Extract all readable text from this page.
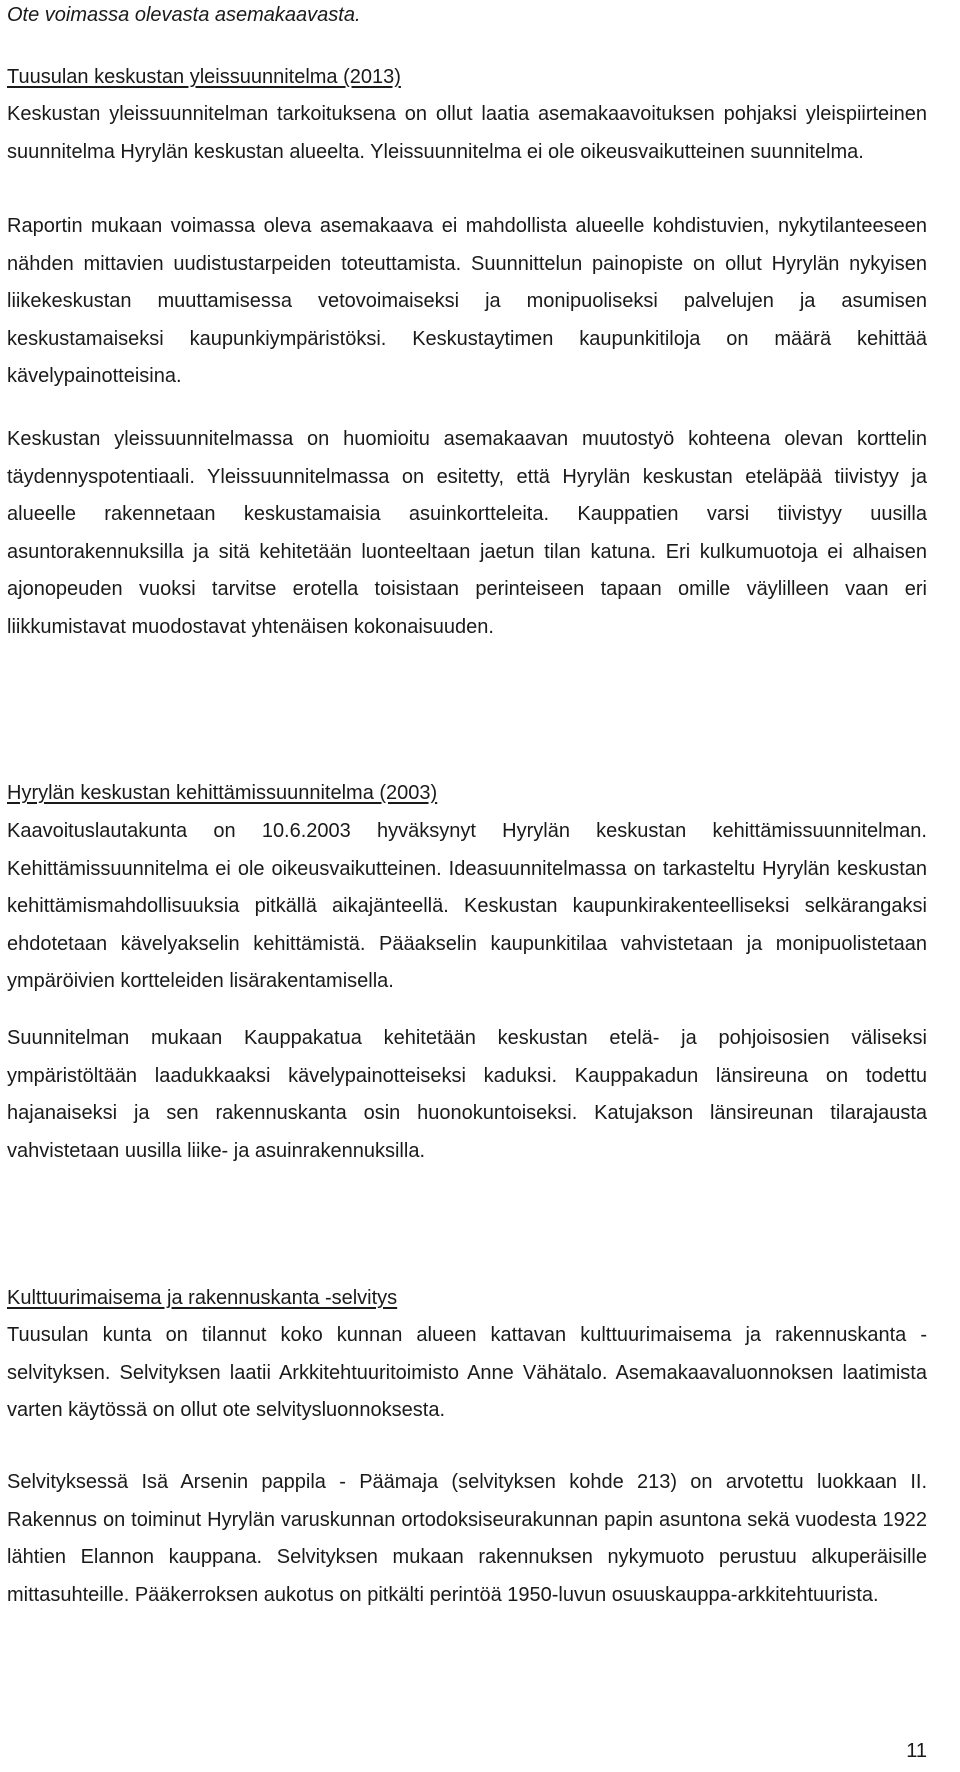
Ote voimassa olevasta asemakaavasta.
Tuusulan keskustan yleissuunnitelma (2013)

Keskustan yleissuunnitelman tarkoituksena on ollut laatia asemakaavoituksen pohjaksi yleispiirteinen suunnitelma Hyrylän keskustan alueelta. Yleissuunnitelma ei ole oikeusvaikutteinen suunnitelma.

Raportin mukaan voimassa oleva asemakaava ei mahdollista alueelle kohdistuvien, nykytilanteeseen nähden mittavien uudistustarpeiden toteuttamista. Suunnittelun painopiste on ollut Hyrylän nykyisen liikekeskustan muuttamisessa vetovoimaiseksi ja monipuoliseksi palvelujen ja asumisen keskustamaiseksi kaupunkiympäristöksi. Keskustaytimen kaupunkitiloja on määrä kehittää kävelypainotteisina.

Keskustan yleissuunnitelmassa on huomioitu asemakaavan muutostyö kohteena olevan korttelin täydennyspotentiaali. Yleissuunnitelmassa on esitetty, että Hyrylän keskustan eteläpää tiivistyy ja alueelle rakennetaan keskustamaisia asuinkortteleita. Kauppatien varsi tiivistyy uusilla asuntorakennuksilla ja sitä kehitetään luonteeltaan jaetun tilan katuna. Eri kulkumuotoja ei alhaisen ajonopeuden vuoksi tarvitse erotella toisistaan perinteiseen tapaan omille väylilleen vaan eri liikkumistavat muodostavat yhtenäisen kokonaisuuden.

Hyrylän keskustan kehittämissuunnitelma (2003)

Kaavoituslautakunta on 10.6.2003 hyväksynyt Hyrylän keskustan kehittämissuunnitelman. Kehittämissuunnitelma ei ole oikeusvaikutteinen. Ideasuunnitelmassa on tarkasteltu Hyrylän keskustan kehittämismahdollisuuksia pitkällä aikajänteellä. Keskustan kaupunkirakenteelliseksi selkärangaksi ehdotetaan kävelyakselin kehittämistä. Pääakselin kaupunkitilaa vahvistetaan ja monipuolistetaan ympäröivien kortteleiden lisärakentamisella.

Suunnitelman mukaan Kauppakatua kehitetään keskustan etelä- ja pohjoisosien väliseksi ympäristöltään laadukkaaksi kävelypainotteiseksi kaduksi. Kauppakadun länsireuna on todettu hajanaiseksi ja sen rakennuskanta osin huonokuntoiseksi. Katujakson länsireunan tilarajausta vahvistetaan uusilla liike- ja asuinrakennuksilla.

Kulttuurimaisema ja rakennuskanta -selvitys

Tuusulan kunta on tilannut koko kunnan alueen kattavan kulttuurimaisema ja rakennuskanta -selvityksen. Selvityksen laatii Arkkitehtuuritoimisto Anne Vähätalo. Asemakaavaluonnoksen laatimista varten käytössä on ollut ote selvitysluonnoksesta.

Selvityksessä Isä Arsenin pappila - Päämaja (selvityksen kohde 213) on arvotettu luokkaan II. Rakennus on toiminut Hyrylän varuskunnan ortodoksiseurakunnan papin asuntona sekä vuodesta 1922 lähtien Elannon kauppana. Selvityksen mukaan rakennuksen nykymuoto perustuu alkuperäisille mittasuhteille. Pääkerroksen aukotus on pitkälti perintöä 1950-luvun osuuskauppa-arkkitehtuurista.

11
